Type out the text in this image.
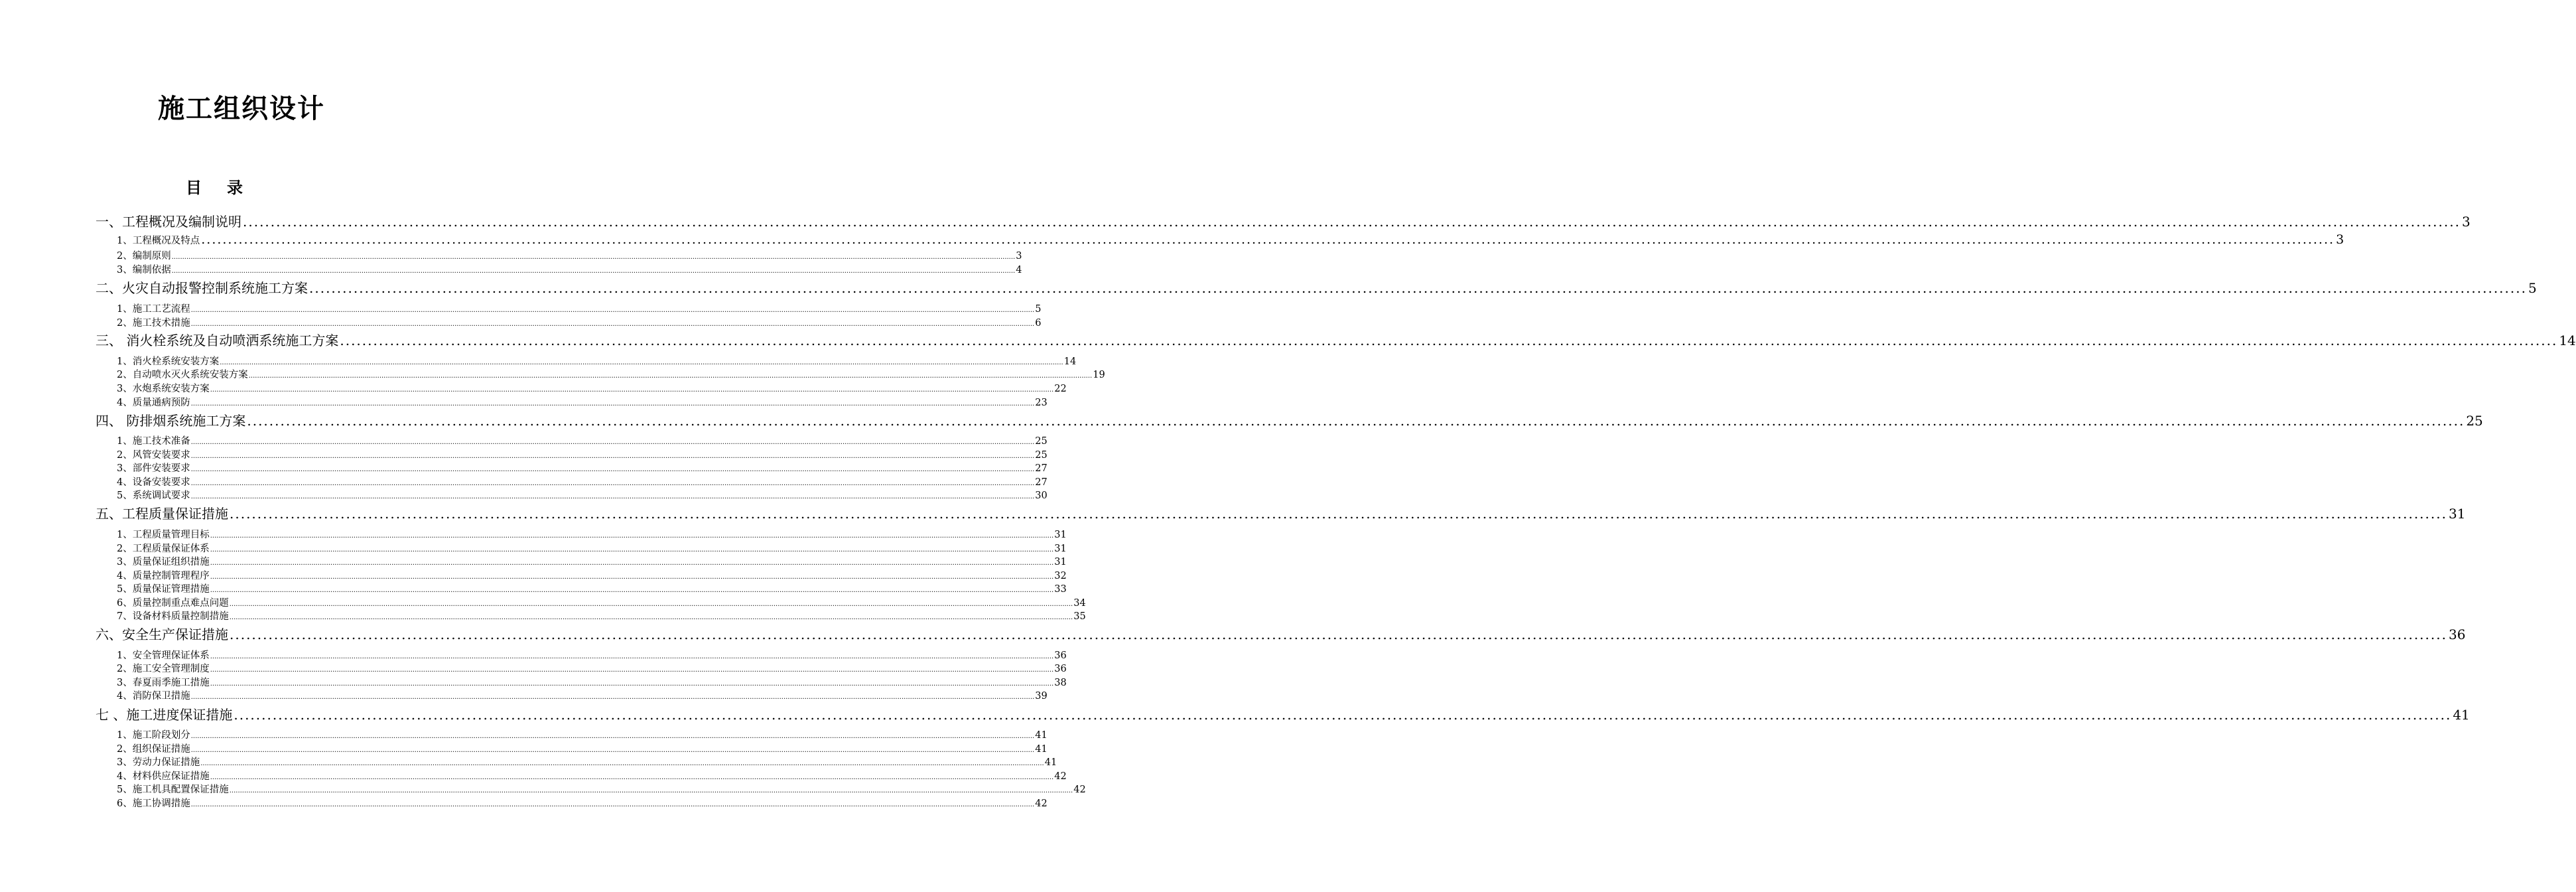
施工组织设计
目 录
一、工程概况及编制说明 ................................................................................................................................................................................................................................................................................................................................................................................................................ 3
1、工程概况及特点 ................................................................................................................................................................................................................................................................................................................................................................................................................ 3
2、编制原则 ................................................................................................................................................................................................................................................................................................................................................................................................................ 3
3、编制依据 ................................................................................................................................................................................................................................................................................................................................................................................................................ 4
二、火灾自动报警控制系统施工方案 ................................................................................................................................................................................................................................................................................................................................................................................................................ 5
1、施工工艺流程 ................................................................................................................................................................................................................................................................................................................................................................................................................ 5
2、施工技术措施 ................................................................................................................................................................................................................................................................................................................................................................................................................ 6
三、 消火栓系统及自动喷洒系统施工方案 ................................................................................................................................................................................................................................................................................................................................................................................................................ 14
1、消火栓系统安装方案 ................................................................................................................................................................................................................................................................................................................................................................................................................ 14
2、自动喷水灭火系统安装方案 ................................................................................................................................................................................................................................................................................................................................................................................................................ 19
3、水炮系统安装方案 ................................................................................................................................................................................................................................................................................................................................................................................................................ 22
4、质量通病预防 ................................................................................................................................................................................................................................................................................................................................................................................................................ 23
四、 防排烟系统施工方案 ................................................................................................................................................................................................................................................................................................................................................................................................................ 25
1、施工技术准备 ................................................................................................................................................................................................................................................................................................................................................................................................................ 25
2、风管安装要求 ................................................................................................................................................................................................................................................................................................................................................................................................................ 25
3、部件安装要求 ................................................................................................................................................................................................................................................................................................................................................................................................................ 27
4、设备安装要求 ................................................................................................................................................................................................................................................................................................................................................................................................................ 27
5、系统调试要求 ................................................................................................................................................................................................................................................................................................................................................................................................................ 30
五、工程质量保证措施 ................................................................................................................................................................................................................................................................................................................................................................................................................ 31
1、工程质量管理目标 ................................................................................................................................................................................................................................................................................................................................................................................................................ 31
2、工程质量保证体系 ................................................................................................................................................................................................................................................................................................................................................................................................................ 31
3、质量保证组织措施 ................................................................................................................................................................................................................................................................................................................................................................................................................ 31
4、质量控制管理程序 ................................................................................................................................................................................................................................................................................................................................................................................................................ 32
5、质量保证管理措施 ................................................................................................................................................................................................................................................................................................................................................................................................................ 33
6、质量控制重点难点问题 ................................................................................................................................................................................................................................................................................................................................................................................................................ 34
7、设备材料质量控制措施 ................................................................................................................................................................................................................................................................................................................................................................................................................ 35
六、安全生产保证措施 ................................................................................................................................................................................................................................................................................................................................................................................................................ 36
1、安全管理保证体系 ................................................................................................................................................................................................................................................................................................................................................................................................................ 36
2、施工安全管理制度 ................................................................................................................................................................................................................................................................................................................................................................................................................ 36
3、春夏雨季施工措施 ................................................................................................................................................................................................................................................................................................................................................................................................................ 38
4、消防保卫措施 ................................................................................................................................................................................................................................................................................................................................................................................................................ 39
七 、施工进度保证措施 ................................................................................................................................................................................................................................................................................................................................................................................................................ 41
1、施工阶段划分 ................................................................................................................................................................................................................................................................................................................................................................................................................ 41
2、组织保证措施 ................................................................................................................................................................................................................................................................................................................................................................................................................ 41
3、劳动力保证措施 ................................................................................................................................................................................................................................................................................................................................................................................................................ 41
4、材料供应保证措施 ................................................................................................................................................................................................................................................................................................................................................................................................................ 42
5、施工机具配置保证措施 ................................................................................................................................................................................................................................................................................................................................................................................................................ 42
6、施工协调措施 ................................................................................................................................................................................................................................................................................................................................................................................................................ 42
